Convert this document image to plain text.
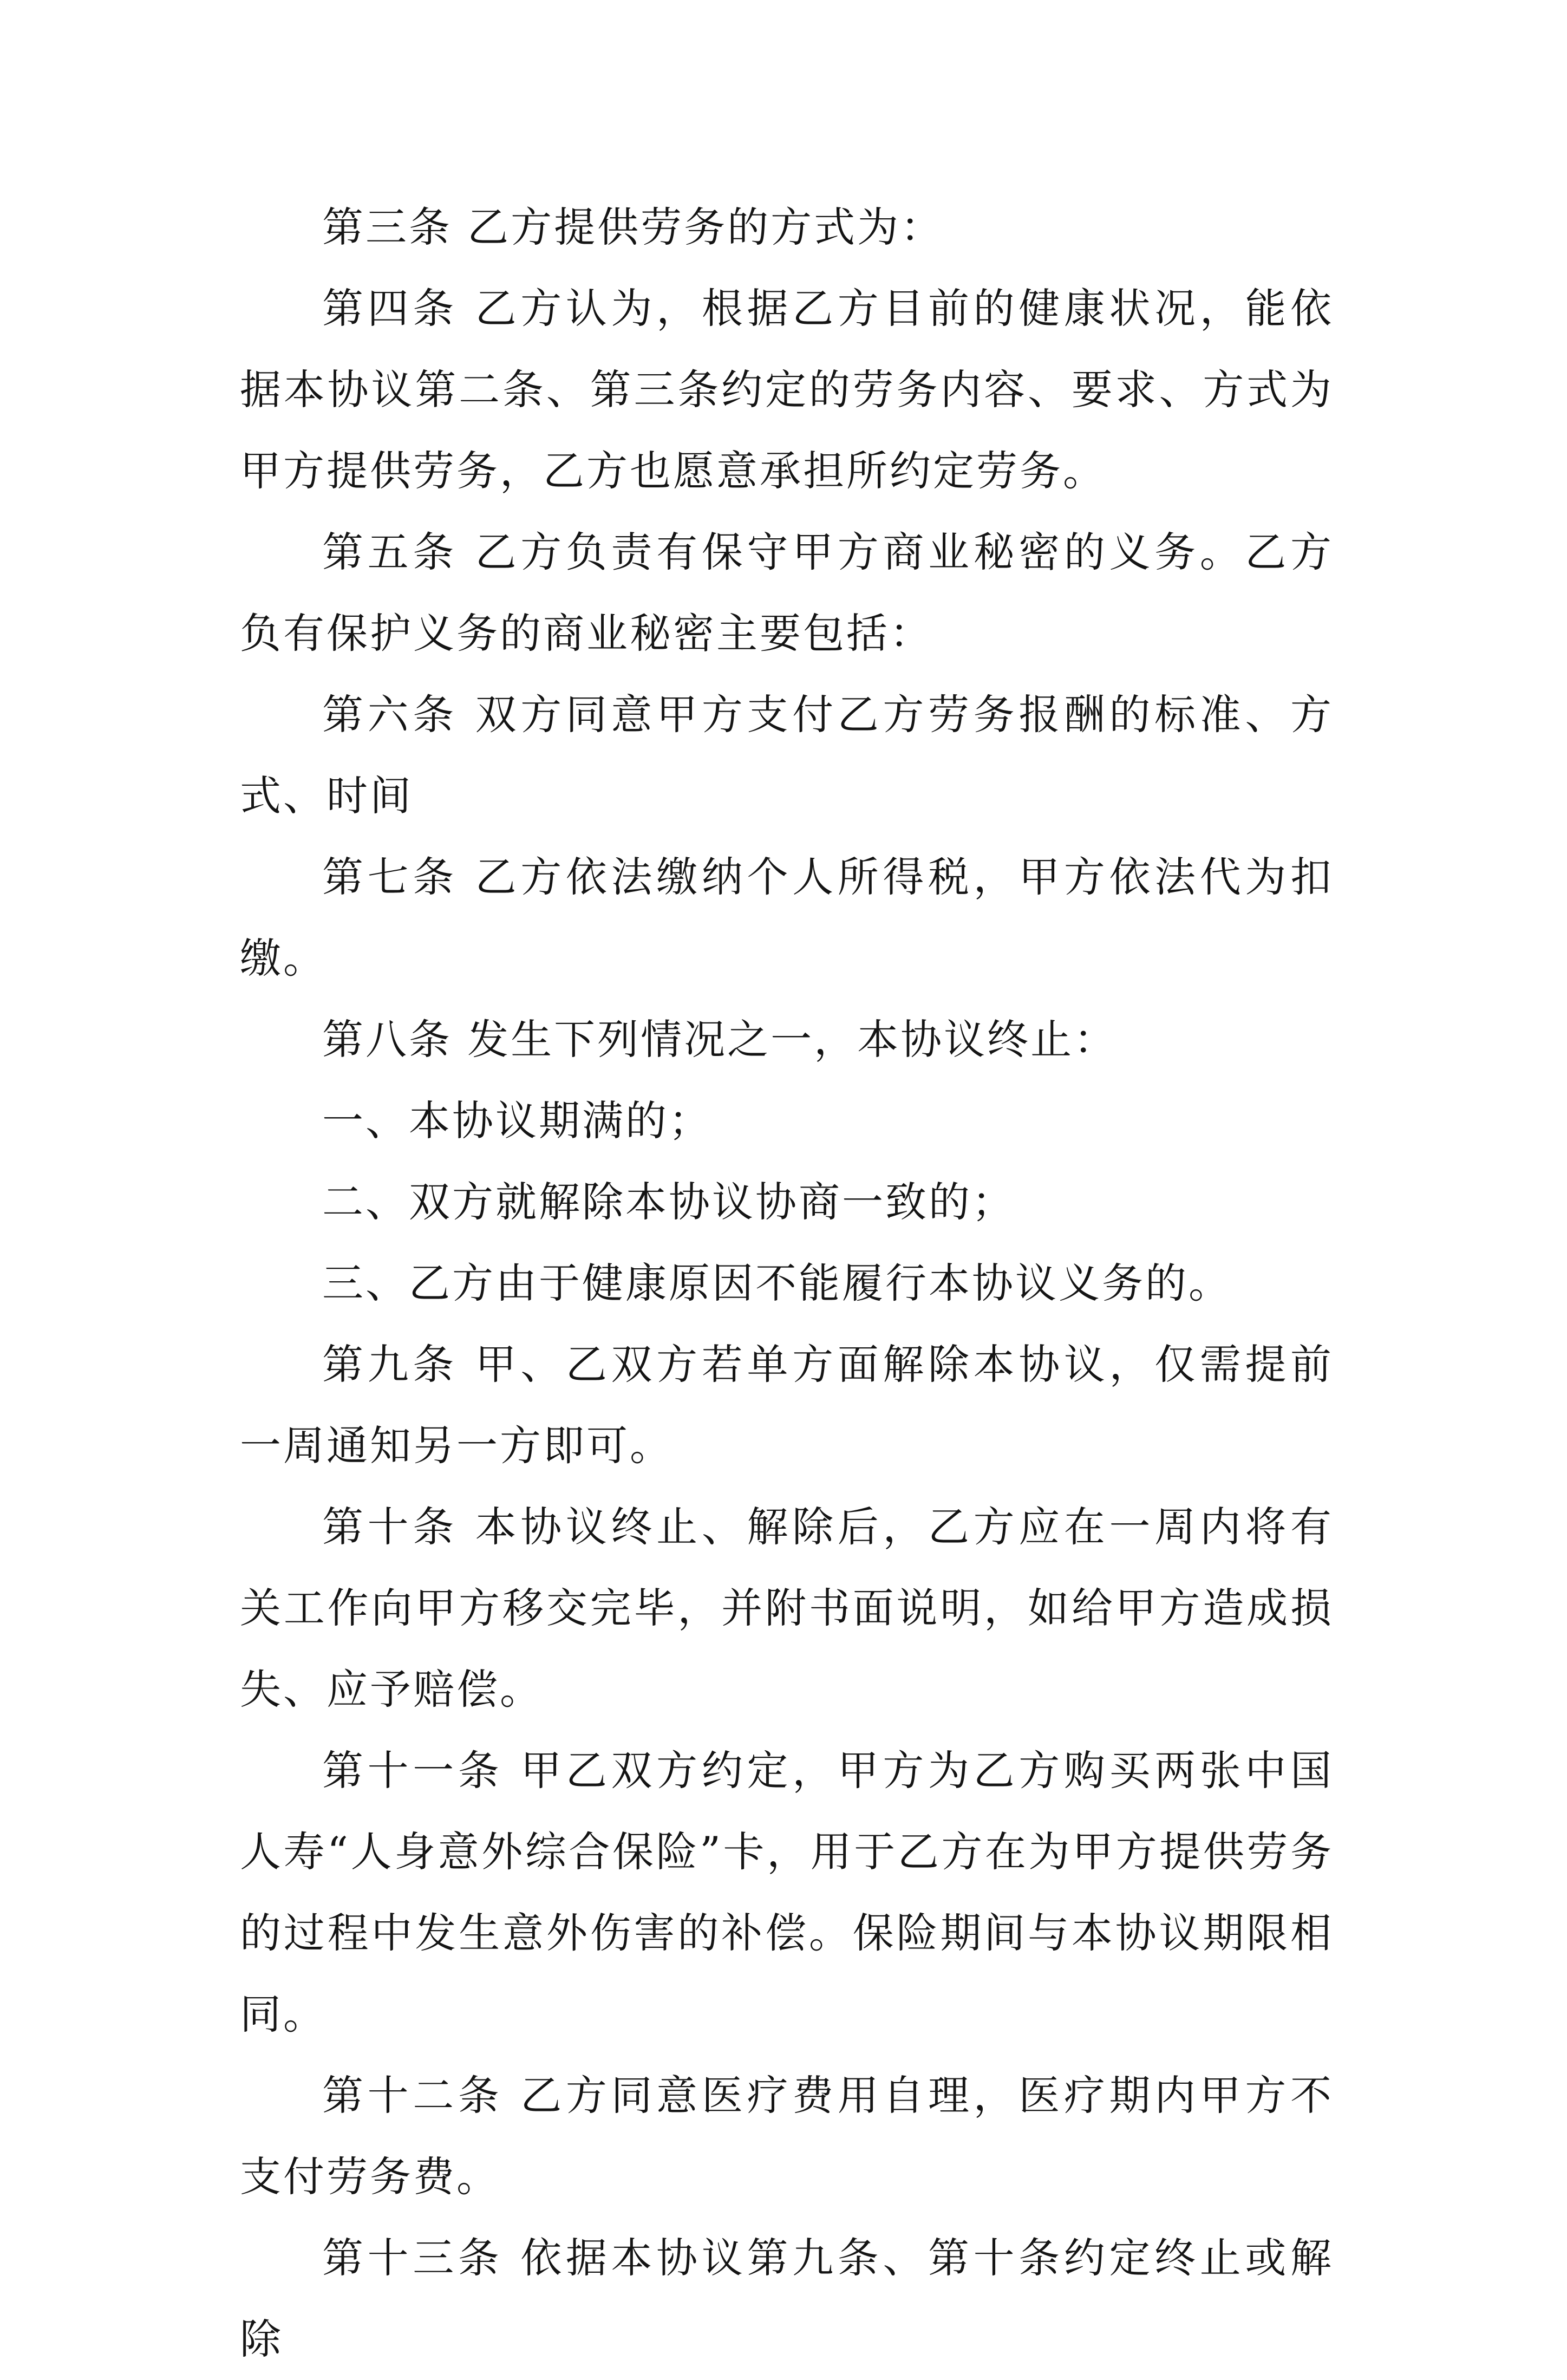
第三条 乙方提供劳务的方式为：

第四条 乙方认为，根据乙方目前的健康状况，能依据本协议第二条、第三条约定的劳务内容、要求、方式为甲方提供劳务，乙方也愿意承担所约定劳务。

第五条 乙方负责有保守甲方商业秘密的义务。乙方负有保护义务的商业秘密主要包括：

第六条 双方同意甲方支付乙方劳务报酬的标准、方式、时间

第七条 乙方依法缴纳个人所得税，甲方依法代为扣缴。

第八条 发生下列情况之一，本协议终止：

一、本协议期满的；

二、双方就解除本协议协商一致的；

三、乙方由于健康原因不能履行本协议义务的。

第九条 甲、乙双方若单方面解除本协议，仅需提前一周通知另一方即可。

第十条 本协议终止、解除后，乙方应在一周内将有关工作向甲方移交完毕，并附书面说明，如给甲方造成损失、应予赔偿。

第十一条 甲乙双方约定，甲方为乙方购买两张中国人寿“人身意外综合保险”卡，用于乙方在为甲方提供劳务的过程中发生意外伤害的补偿。保险期间与本协议期限相同。

第十二条 乙方同意医疗费用自理，医疗期内甲方不支付劳务费。

第十三条 依据本协议第九条、第十条约定终止或解除
